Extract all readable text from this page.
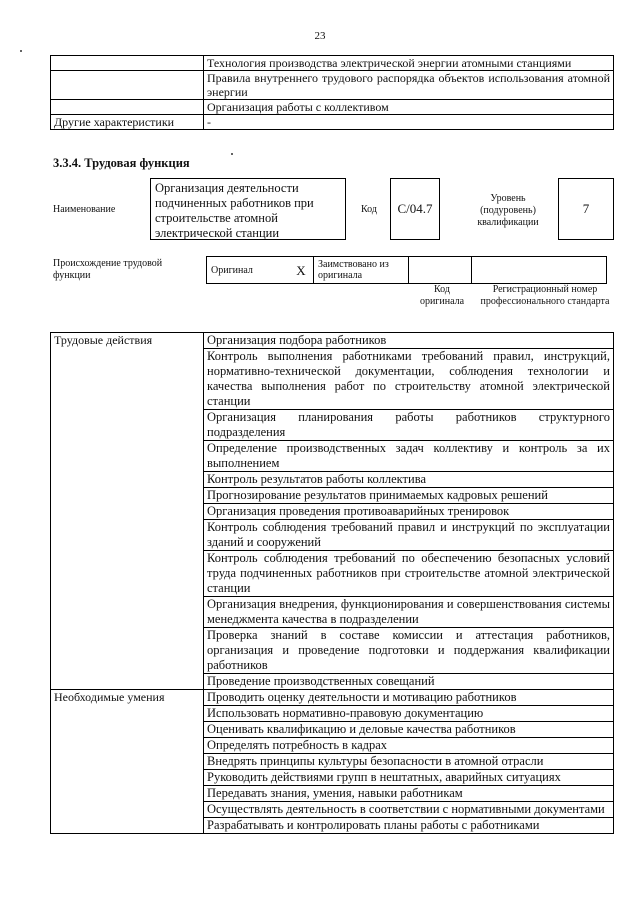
23
	Технология производства электрической энергии атомными станциями
	Правила внутреннего трудового распорядка объектов использования атомной энергии
	Организация работы с коллективом
Другие характеристики	-
3.3.4. Трудовая функция
Наименование
Организация деятельности подчиненных работников при строительстве атомной электрической станции
Код	С/04.7
Уровень (подуровень) квалификации
7
Происхождение трудовой функции	Оригинал	X	Заимствовано из оригинала		
Код оригинала
Регистрационный номер профессионального стандарта
Трудовые действия	Организация подбора работников
	Контроль выполнения работниками требований правил, инструкций, нормативно-технической документации, соблюдения технологии и качества выполнения работ по строительству атомной электрической станции
	Организация планирования работы работников структурного подразделения
	Определение производственных задач коллективу и контроль за их выполнением
	Контроль результатов работы коллектива
	Прогнозирование результатов принимаемых кадровых решений
	Организация проведения противоаварийных тренировок
	Контроль соблюдения требований правил и инструкций по эксплуатации зданий и сооружений
	Контроль соблюдения требований по обеспечению безопасных условий труда подчиненных работников при строительстве атомной электрической станции
	Организация внедрения, функционирования и совершенствования системы менеджмента качества в подразделении
	Проверка знаний в составе комиссии и аттестация работников, организация и проведение подготовки и поддержания квалификации работников
	Проведение производственных совещаний
Необходимые умения	Проводить оценку деятельности и мотивацию работников
	Использовать нормативно-правовую документацию
	Оценивать квалификацию и деловые качества работников
	Определять потребность в кадрах
	Внедрять принципы культуры безопасности в атомной отрасли
	Руководить действиями групп в нештатных, аварийных ситуациях
	Передавать знания, умения, навыки работникам
	Осуществлять деятельность в соответствии с нормативными документами
	Разрабатывать и контролировать планы работы с работниками
